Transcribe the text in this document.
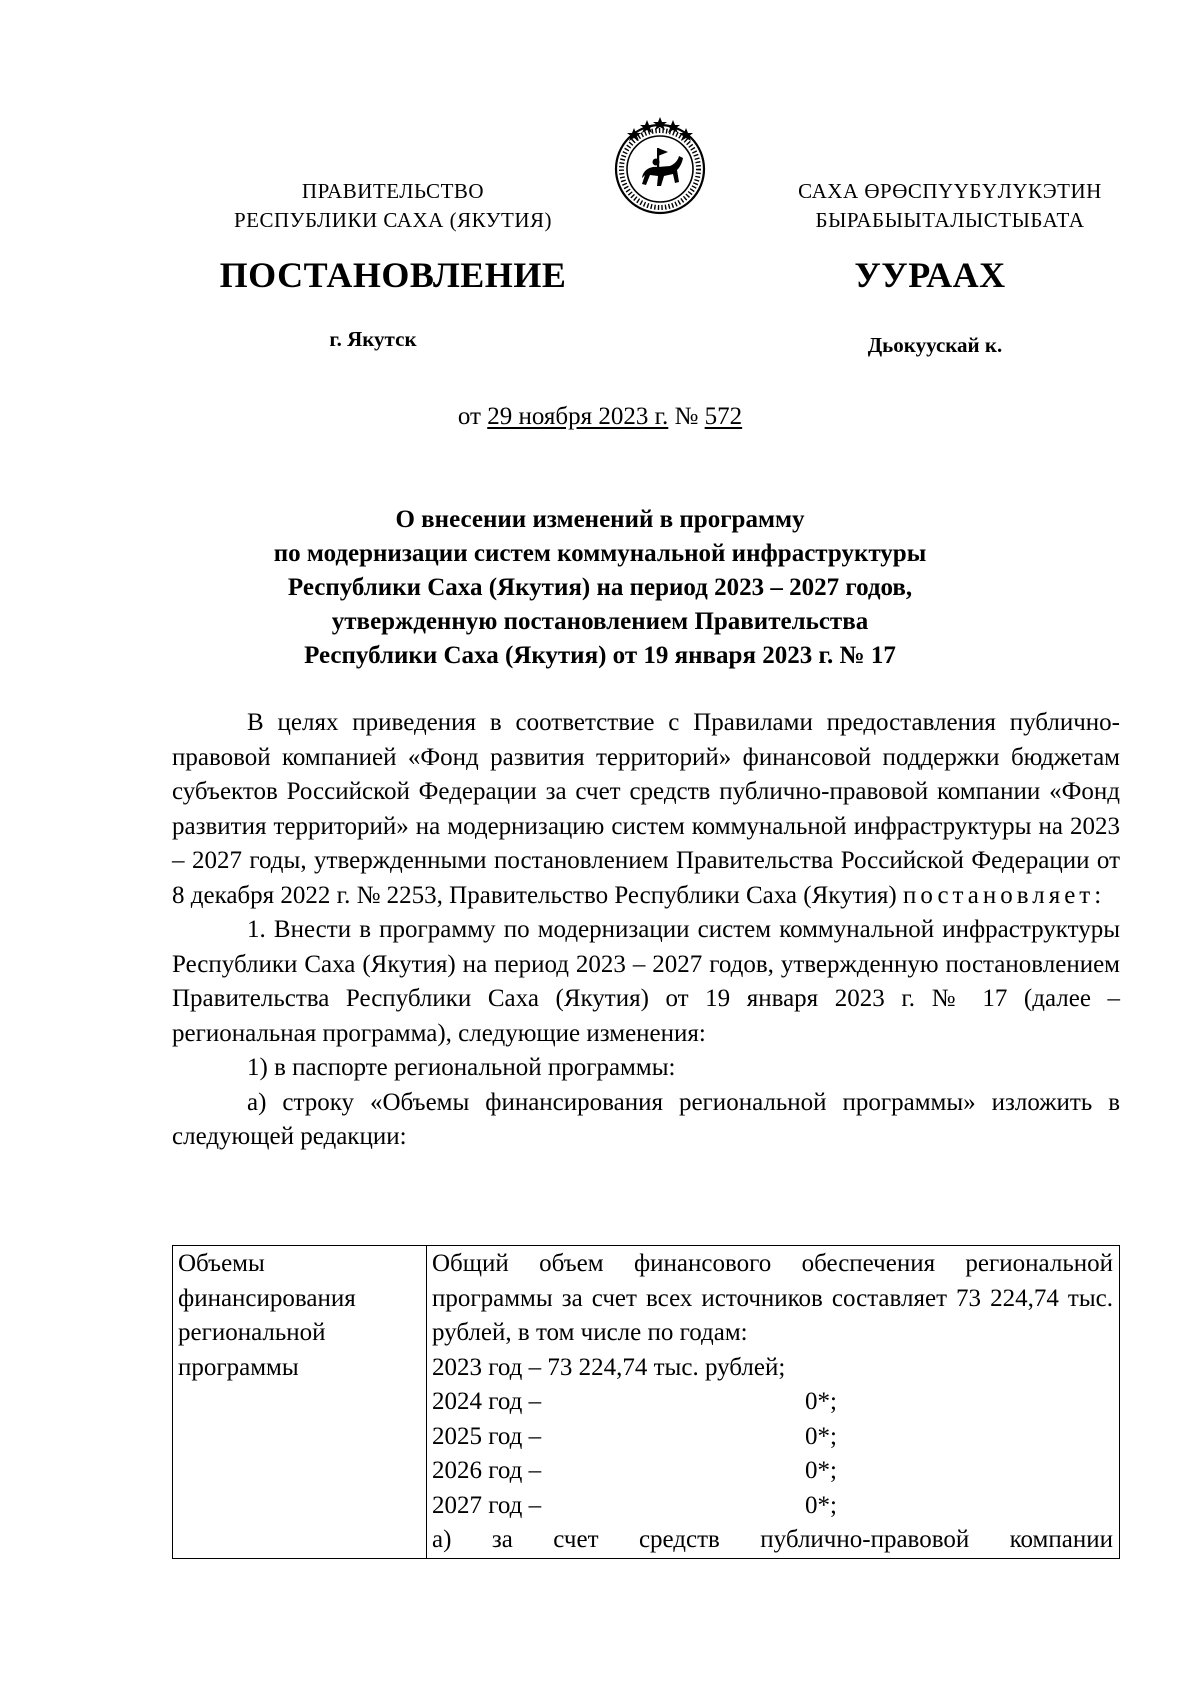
ПРАВИТЕЛЬСТВО
РЕСПУБЛИКИ САХА (ЯКУТИЯ)
САХА ӨРӨСПҮҮБҮЛҮКЭТИН
БЫРАБЫЫТАЛЫСТЫБАТА
ПОСТАНОВЛЕНИЕ	УУРААХ
г. Якутск	Дьокуускай к.
от 29 ноября 2023 г. № 572
О внесении изменений в программу
по модернизации систем коммунальной инфраструктуры
Республики Саха (Якутия) на период 2023 – 2027 годов,
утвержденную постановлением Правительства
Республики Саха (Якутия) от 19 января 2023 г. № 17

В целях приведения в соответствие с Правилами предоставления публично-правовой компанией «Фонд развития территорий» финансовой поддержки бюджетам субъектов Российской Федерации за счет средств публично-правовой компании «Фонд развития территорий» на модернизацию систем коммунальной инфраструктуры на 2023 – 2027 годы, утвержденными постановлением Правительства Российской Федерации от 8 декабря 2022 г. № 2253, Правительство Республики Саха (Якутия) постановляет:

1. Внести в программу по модернизации систем коммунальной инфраструктуры Республики Саха (Якутия) на период 2023 – 2027 годов, утвержденную постановлением Правительства Республики Саха (Якутия) от 19 января 2023 г. № 17 (далее – региональная программа), следующие изменения:

1) в паспорте региональной программы:

а) строку «Объемы финансирования региональной программы» изложить в следующей редакции:

Объемы
финансирования
региональной
программы

Общий объем финансового обеспечения региональной программы за счет всех источников составляет 73 224,74 тыс. рублей, в том числе по годам:
2023 год – 73 224,74 тыс. рублей;
2024 год –	0*;
2025 год –	0*;
2026 год –	0*;
2027 год –	0*;
а) за счет средств публично-правовой компании
